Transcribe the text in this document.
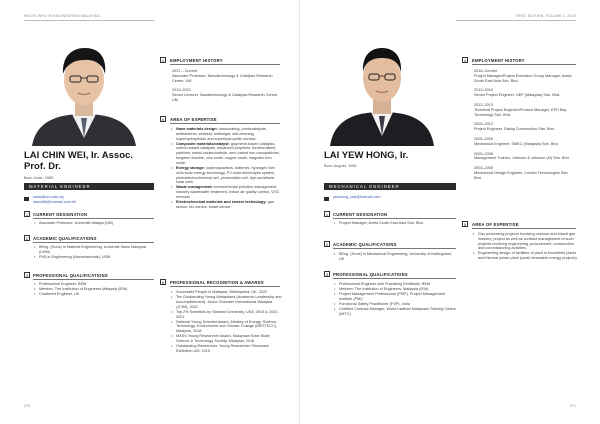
WHO'S WHO IN ENGINEERING MALAYSIA
LAI CHIN WEI, Ir. Assoc.
Prof. Dr.
Born June, 1985
MATERIAL ENGINEER
cwlai@um.edu.my
laiwei86@hotmail.com.hk
1	CURRENT DESIGNATION
• Associate Professor, Universiti Malaya (UM)
2	ACADEMIC QUALIFICATIONS
• BEng. (Hons) in Material Engineering, Universiti Sains Malaysia (USM)
• PhD in Engineering (Nanomaterials), USM
3	PROFESSIONAL QUALIFICATIONS
• Professional Engineer, BEM
• Member, The Institution of Engineers Malaysia (IEM)
• Chartered Engineer, UK
4	EMPLOYMENT HISTORY
2021 – Current
Associate Professor, Nanotechnology & Catalysis Research Centre, UM
2013–2021
Senior Lecturer, Nanotechnology & Catalysis Research Centre, UM
5	AREA OF EXPERTISE
• Nano materials design: nanocoating, photocatalysts, antibacterial, antiviral, antifungal, self-cleaning, superhydrophobic and superhydrophilic surface.
• Composite materials/catalyst: graphene-based catalysts, carbon-based catalysts, advanced polymers, functionalised particles, metal oxides/carbide, zero-valent iron nanoparticles, tungsten trioxide, zinc oxide, copper oxide, magnetic iron oxide.
• Energy storage: supercapacitors, batteries, hydrogen fuel cells solar energy technology, PV solar electrolysis system, photoelectrochemical cell, photovoltaic cell, dye-sensitised solar cells.
• Waste management: environmental pollution management, industry wastewater treatment, indoor air quality control, VOC removal.
• Electrochemical materials and sensor technology: gas sensor, bio sensor, smart sensor.
6	PROFESSIONAL RECOGNITION & AWARDS
• Successful People in Malaysia, Britishpedia, UK, 2022
• Ten Outstanding Young Malaysians (Academic Leadership and Accomplishment), Junior Chamber International Malaysia (JCIM), 2021
• Top 2% Scientists by Stanford University, USA, 2019 & 2020, 2021
• National Young Scientist Award, Ministry of Energy, Science, Technology, Environment and Climate Change (MESTECC), Malaysia, 2018
• MASS Young Researcher Award, Malaysian Solar State Science & Technology Society, Malaysia, 2018
• Outstanding Researcher, Young Researcher Showcase Exhibition UM, 2015
270
FIRST EDITION, VOLUME 2, 2024
LAI YEW HONG, Ir.
Born August, 1981
MECHANICAL ENGINEER
yewhong_laai@hotmail.com
1	CURRENT DESIGNATION
• Project Manager, Aveta South East Asia Sdn. Bhd.
2	ACADEMIC QUALIFICATIONS
• BEng. (Hons) in Mechanical Engineering, University of Nottingham, UK
3	PROFESSIONAL QUALIFICATIONS
• Professional Engineer with Practising Certificate, BEM
• Member, The Institution of Engineers, Malaysia (IEM)
• Project Management Professional (PMP), Project Management Institute (PMI)
• Functional Safety Practitioner (FSP), India
• Certified Contract Manager, World Institute Malaysian Training Centre (MITC)
4	EMPLOYMENT HISTORY
2016–Current
Project Manager/Project Execution Group Manager, Aveta South East Asia Sdn. Bhd.
2013–2016
Senior Project Engineer, UEP (Malaysia) Sdn. Bhd.
2012–2013
Technical Project Engineer/Product Manager, EPH Bay Technology Sdn. Bhd.
2009–2012
Project Engineer, Dialog Construction Sdn. Bhd.
2005–2009
Mechanical Engineer, SMEC (Malaysia) Sdn. Bhd.
2005–2008
Management Trainee, Johnson & Johnson (M) Sdn. Bhd.
2003–2005
Mechanical Design Engineer, Creden Technologies Sdn. Bhd.
5	AREA OF EXPERTISE
• Gas processing projects involving onshore and inland gas industry; project as well as contract management of such projects involving engineering, procurement, construction and commissioning activities.
• Engineering design of facilities of plant in brownfield plants and thermal power plant (small renewable energy projects).
271
